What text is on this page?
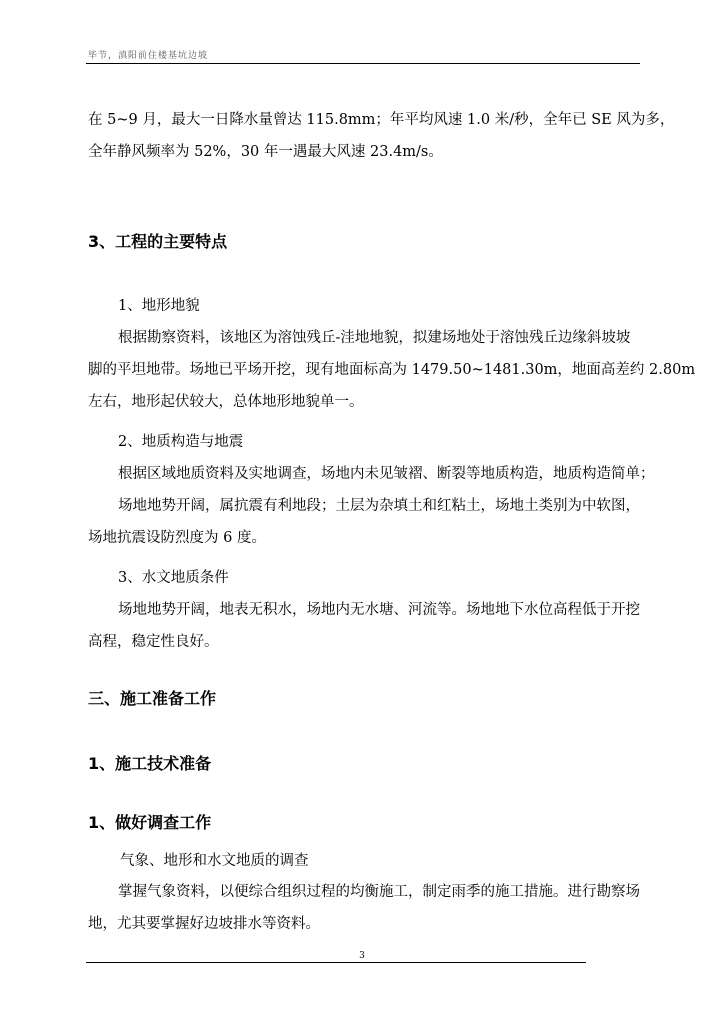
毕节，滇阳前住楼基坑边坡

在 5~9 月，最大一日降水量曾达 115.8mm；年平均风速 1.0 米/秒，全年已 SE 风为多，
全年静风频率为 52%，30 年一遇最大风速 23.4m/s。

3、工程的主要特点

1、地形地貌

根据勘察资料，该地区为溶蚀残丘-洼地地貌，拟建场地处于溶蚀残丘边缘斜坡坡
脚的平坦地带。场地已平场开挖，现有地面标高为 1479.50~1481.30m，地面高差约 2.80m
左右，地形起伏较大，总体地形地貌单一。

2、地质构造与地震

根据区域地质资料及实地调查，场地内未见皱褶、断裂等地质构造，地质构造简单；

场地地势开阔，属抗震有利地段；土层为杂填土和红粘土，场地土类别为中软图，
场地抗震设防烈度为 6 度。

3、水文地质条件

场地地势开阔，地表无积水，场地内无水塘、河流等。场地地下水位高程低于开挖
高程，稳定性良好。

三、施工准备工作
1、施工技术准备
1、做好调查工作

气象、地形和水文地质的调查

掌握气象资料，以便综合组织过程的均衡施工，制定雨季的施工措施。进行勘察场
地，尤其要掌握好边坡排水等资料。

3
